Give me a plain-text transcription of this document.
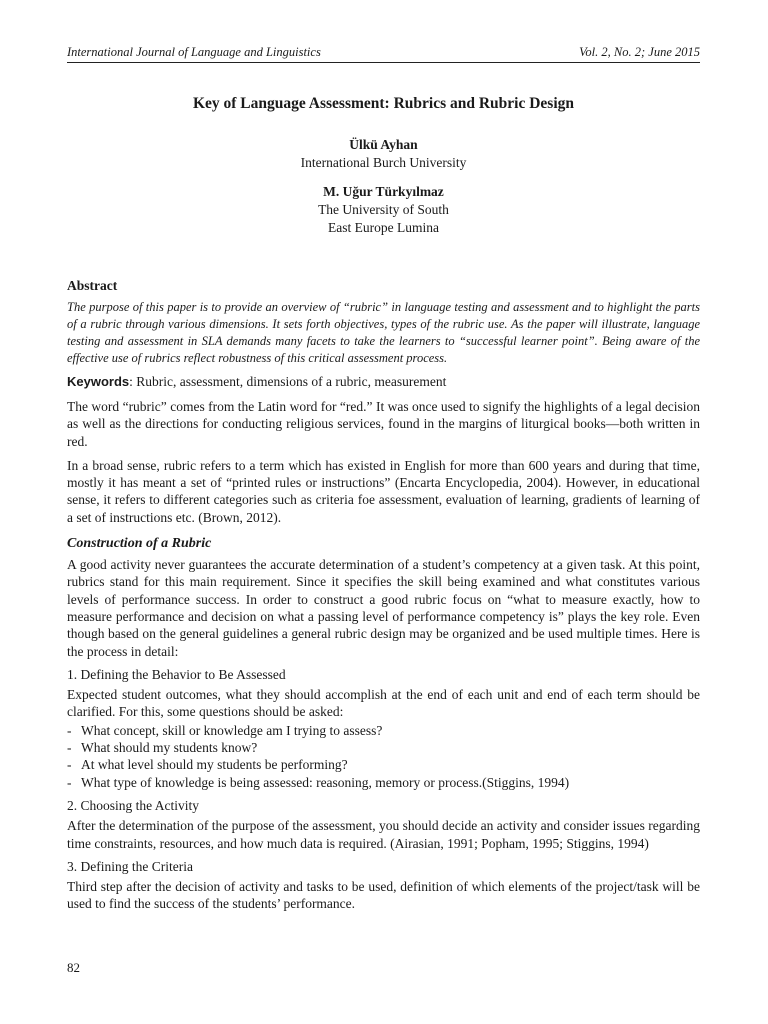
International Journal of Language and Linguistics	Vol. 2, No. 2; June 2015
Key of Language Assessment: Rubrics and Rubric Design
Ülkü Ayhan
International Burch University
M. Uğur Türkyılmaz
The University of South
East Europe Lumina
Abstract

The purpose of this paper is to provide an overview of “rubric” in language testing and assessment and to highlight the parts of a rubric through various dimensions. It sets forth objectives, types of the rubric use. As the paper will illustrate, language testing and assessment in SLA demands many facets to take the learners to “successful learner point”. Being aware of the effective use of rubrics reflect robustness of this critical assessment process.

Keywords: Rubric, assessment, dimensions of a rubric, measurement

The word “rubric” comes from the Latin word for “red.” It was once used to signify the highlights of a legal decision as well as the directions for conducting religious services, found in the margins of liturgical books—both written in red.

In a broad sense, rubric refers to a term which has existed in English for more than 600 years and during that time, mostly it has meant a set of “printed rules or instructions” (Encarta Encyclopedia, 2004). However, in educational sense, it refers to different categories such as criteria foe assessment, evaluation of learning, gradients of learning of a set of instructions etc. (Brown, 2012).

Construction of a Rubric

A good activity never guarantees the accurate determination of a student’s competency at a given task. At this point, rubrics stand for this main requirement. Since it specifies the skill being examined and what constitutes various levels of performance success. In order to construct a good rubric focus on “what to measure exactly, how to measure performance and decision on what a passing level of performance competency is” plays the key role. Even though based on the general guidelines a general rubric design may be organized and be used multiple times. Here is the process in detail:

1. Defining the Behavior to Be Assessed

Expected student outcomes, what they should accomplish at the end of each unit and end of each term should be clarified. For this, some questions should be asked:

- What concept, skill or knowledge am I trying to assess?
- What should my students know?
- At what level should my students be performing?
- What type of knowledge is being assessed: reasoning, memory or process.(Stiggins, 1994)
2. Choosing the Activity

After the determination of the purpose of the assessment, you should decide an activity and consider issues regarding time constraints, resources, and how much data is required. (Airasian, 1991; Popham, 1995; Stiggins, 1994)

3. Defining the Criteria

Third step after the decision of activity and tasks to be used, definition of which elements of the project/task will be used to find the success of the students’ performance.

82
